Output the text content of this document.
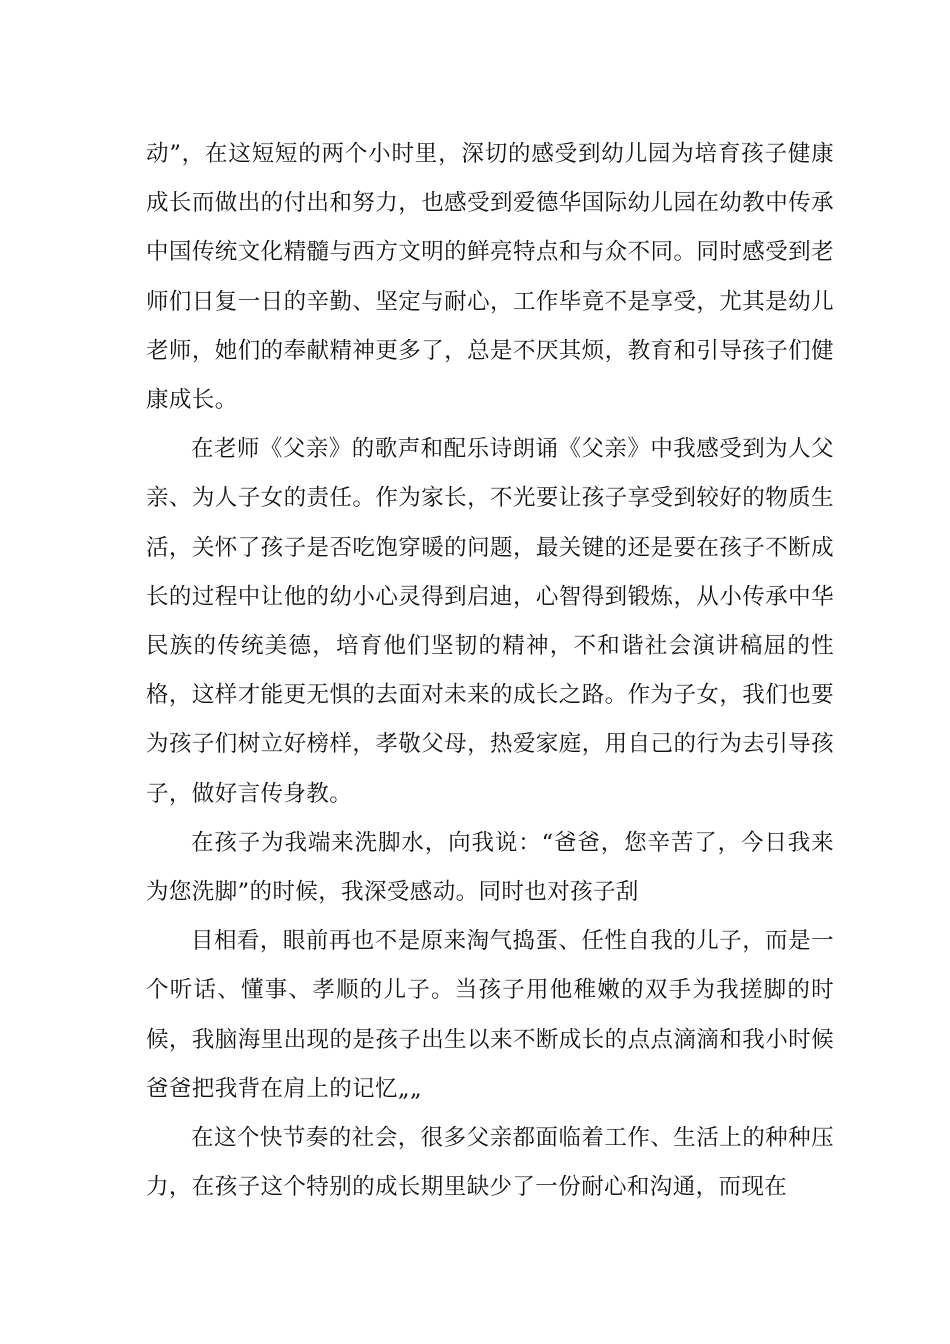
动”，在这短短的两个小时里，深切的感受到幼儿园为培育孩子健康成长而做出的付出和努力，也感受到爱德华国际幼儿园在幼教中传承中国传统文化精髓与西方文明的鲜亮特点和与众不同。同时感受到老师们日复一日的辛勤、坚定与耐心，工作毕竟不是享受，尤其是幼儿老师，她们的奉献精神更多了，总是不厌其烦，教育和引导孩子们健康成长。

在老师《父亲》的歌声和配乐诗朗诵《父亲》中我感受到为人父亲、为人子女的责任。作为家长，不光要让孩子享受到较好的物质生活，关怀了孩子是否吃饱穿暖的问题，最关键的还是要在孩子不断成长的过程中让他的幼小心灵得到启迪，心智得到锻炼，从小传承中华民族的传统美德，培育他们坚韧的精神，不和谐社会演讲稿屈的性格，这样才能更无惧的去面对未来的成长之路。作为子女，我们也要为孩子们树立好榜样，孝敬父母，热爱家庭，用自己的行为去引导孩子，做好言传身教。

在孩子为我端来洗脚水，向我说：“爸爸，您辛苦了，今日我来为您洗脚”的时候，我深受感动。同时也对孩子刮

目相看，眼前再也不是原来淘气捣蛋、任性自我的儿子，而是一个听话、懂事、孝顺的儿子。当孩子用他稚嫩的双手为我搓脚的时候，我脑海里出现的是孩子出生以来不断成长的点点滴滴和我小时候爸爸把我背在肩上的记忆„„

在这个快节奏的社会，很多父亲都面临着工作、生活上的种种压力，在孩子这个特别的成长期里缺少了一份耐心和沟通，而现在
